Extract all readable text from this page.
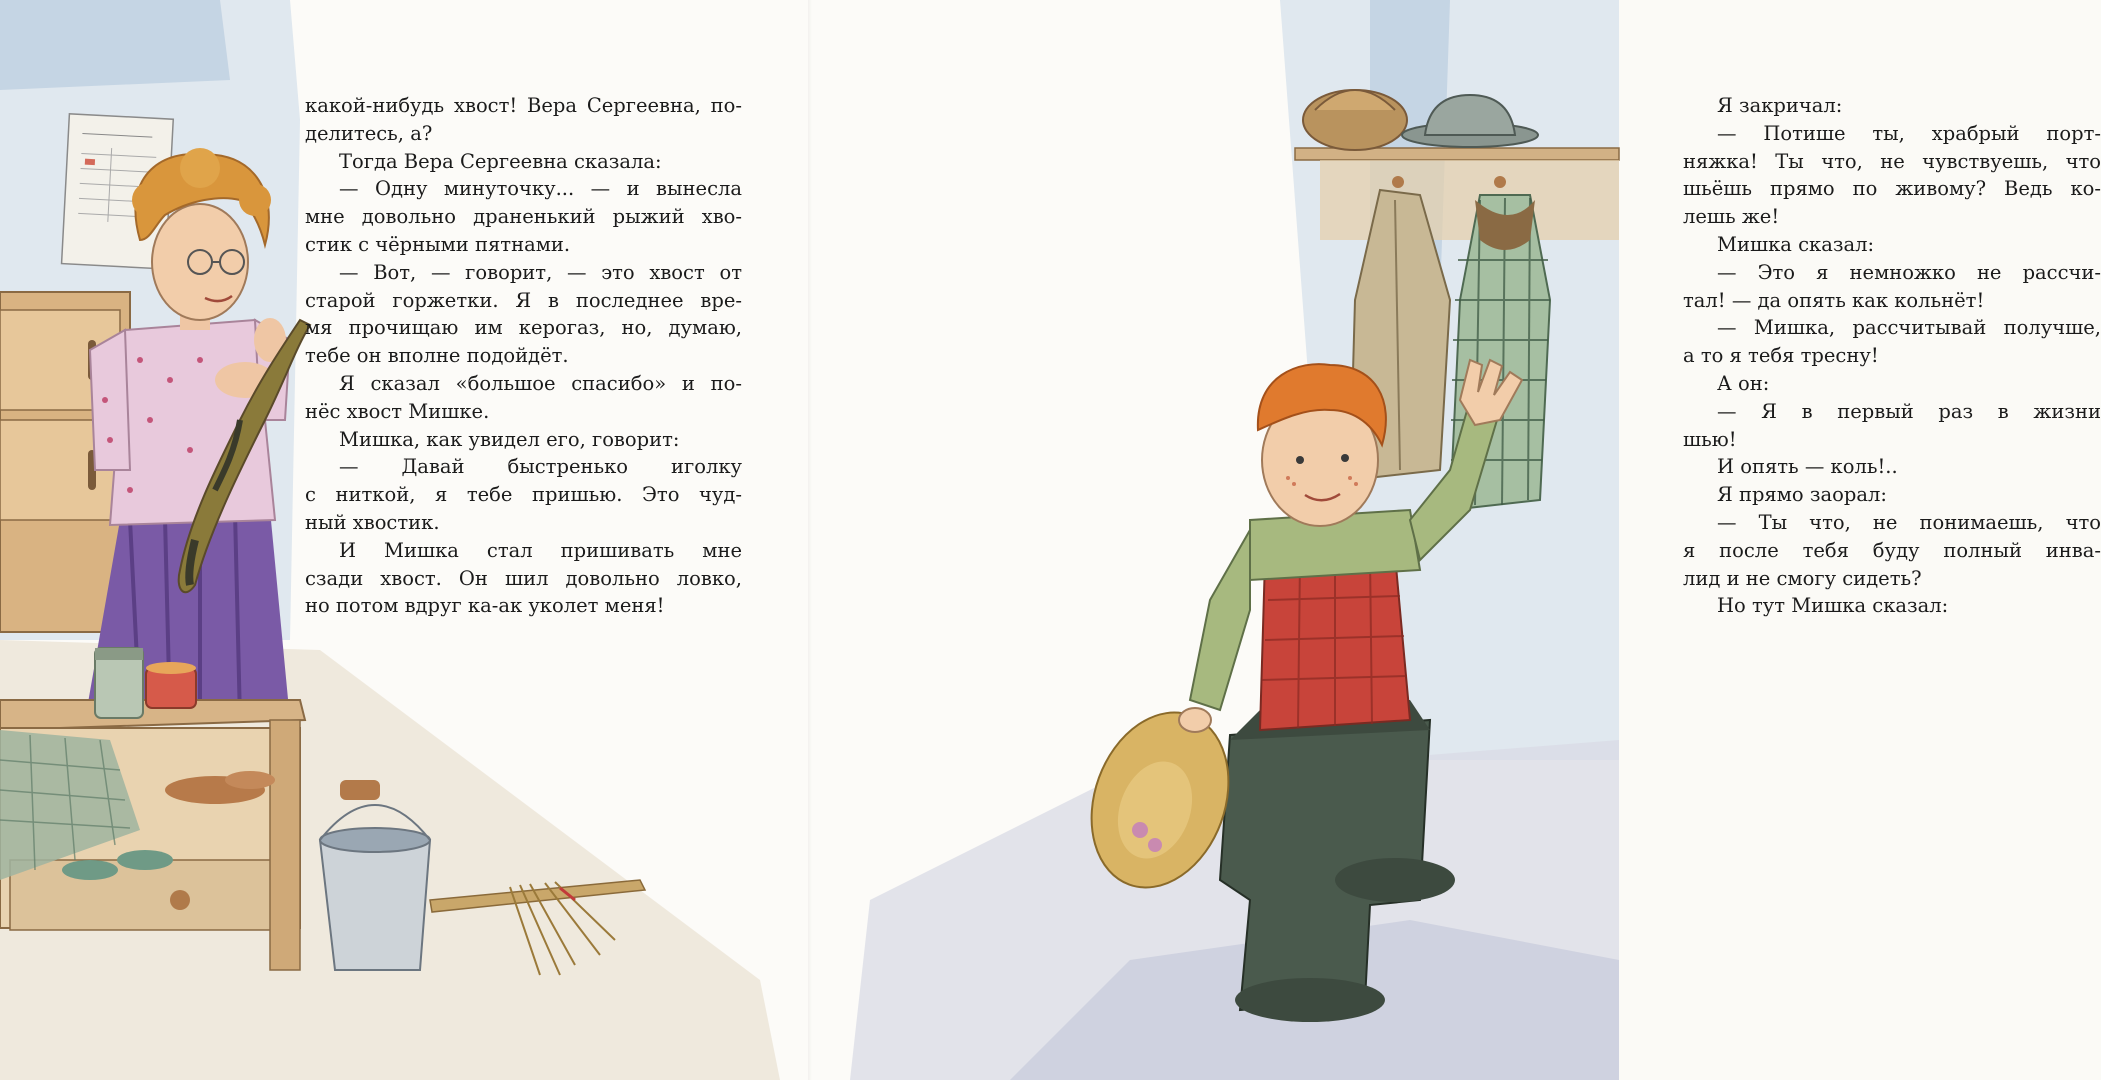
какой-нибудь хвост! Вера Сергеевна, по-
делитесь, а?
Тогда Вера Сергеевна сказала:
— Одну минуточку... — и вынесла
мне довольно драненький рыжий хво-
стик с чёрными пятнами.
— Вот, — говорит, — это хвост от
старой горжетки. Я в последнее вре-
мя прочищаю им керогаз, но, думаю,
тебе он вполне подойдёт.
Я сказал «большое спасибо» и по-
нёс хвост Мишке.
Мишка, как увидел его, говорит:
— Давай быстренько иголку
с ниткой, я тебе пришью. Это чуд-
ный хвостик.
И Мишка стал пришивать мне
сзади хвост. Он шил довольно ловко,
но потом вдруг ка-ак уколет меня!
Я закричал:
— Потише ты, храбрый порт-
няжка! Ты что, не чувствуешь, что
шьёшь прямо по живому? Ведь ко-
лешь же!
Мишка сказал:
— Это я немножко не рассчи-
тал! — да опять как кольнёт!
— Мишка, рассчитывай получше,
а то я тебя тресну!
А он:
— Я в первый раз в жизни
шью!
И опять — коль!..
Я прямо заорал:
— Ты что, не понимаешь, что
я после тебя буду полный инва-
лид и не смогу сидеть?
Но тут Мишка сказал:
